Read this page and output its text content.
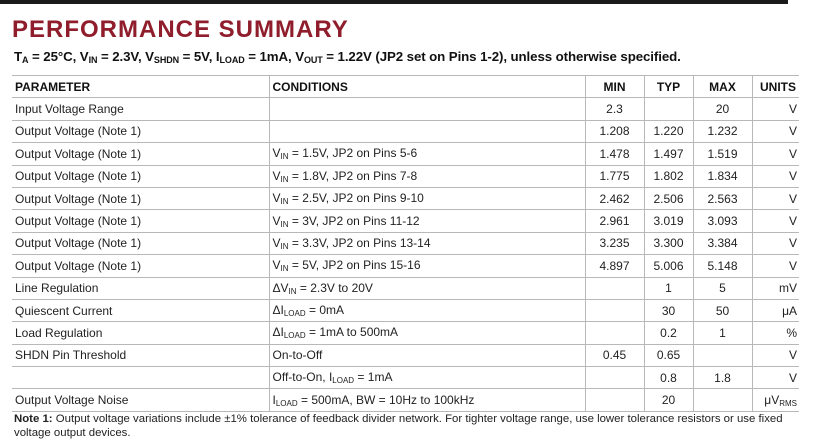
PERFORMANCE SUMMARY
$T_A = 25^\circ C$, $V_{IN} = 2.3V$, $V_{SHDN} = 5V$, $I_{LOAD} = 1mA$, $V_{OUT} = 1.22V$ (JP2 set on Pins 1-2), unless otherwise specified.
PARAMETER	CONDITIONS	MIN	TYP	MAX	UNITS
Input Voltage Range		2.3		20	V
Output Voltage (Note 1)		1.208	1.220	1.232	V
Output Voltage (Note 1)	$V_{IN} = 1.5V$, JP2 on Pins 5-6	1.478	1.497	1.519	V
Output Voltage (Note 1)	$V_{IN} = 1.8V$, JP2 on Pins 7-8	1.775	1.802	1.834	V
Output Voltage (Note 1)	$V_{IN} = 2.5V$, JP2 on Pins 9-10	2.462	2.506	2.563	V
Output Voltage (Note 1)	$V_{IN} = 3V$, JP2 on Pins 11-12	2.961	3.019	3.093	V
Output Voltage (Note 1)	$V_{IN} = 3.3V$, JP2 on Pins 13-14	3.235	3.300	3.384	V
Output Voltage (Note 1)	$V_{IN} = 5V$, JP2 on Pins 15-16	4.897	5.006	5.148	V
Line Regulation	$\Delta V_{IN} = 2.3V$ to 20V		1	5	mV
Quiescent Current	$\Delta I_{LOAD} = 0mA$		30	50	μA
Load Regulation	$\Delta I_{LOAD} = 1mA$ to 500mA		0.2	1	%
SHDN Pin Threshold	On-to-Off	0.45	0.65		V
	Off-to-On, $I_{LOAD} = 1mA$		0.8	1.8	V
Output Voltage Noise	$I_{LOAD} = 500mA$, BW = 10Hz to 100kHz		20		$\mu V_{RMS}$
Note 1: Output voltage variations include ±1% tolerance of feedback divider network. For tighter voltage range, use lower tolerance resistors or use fixed voltage output devices.
